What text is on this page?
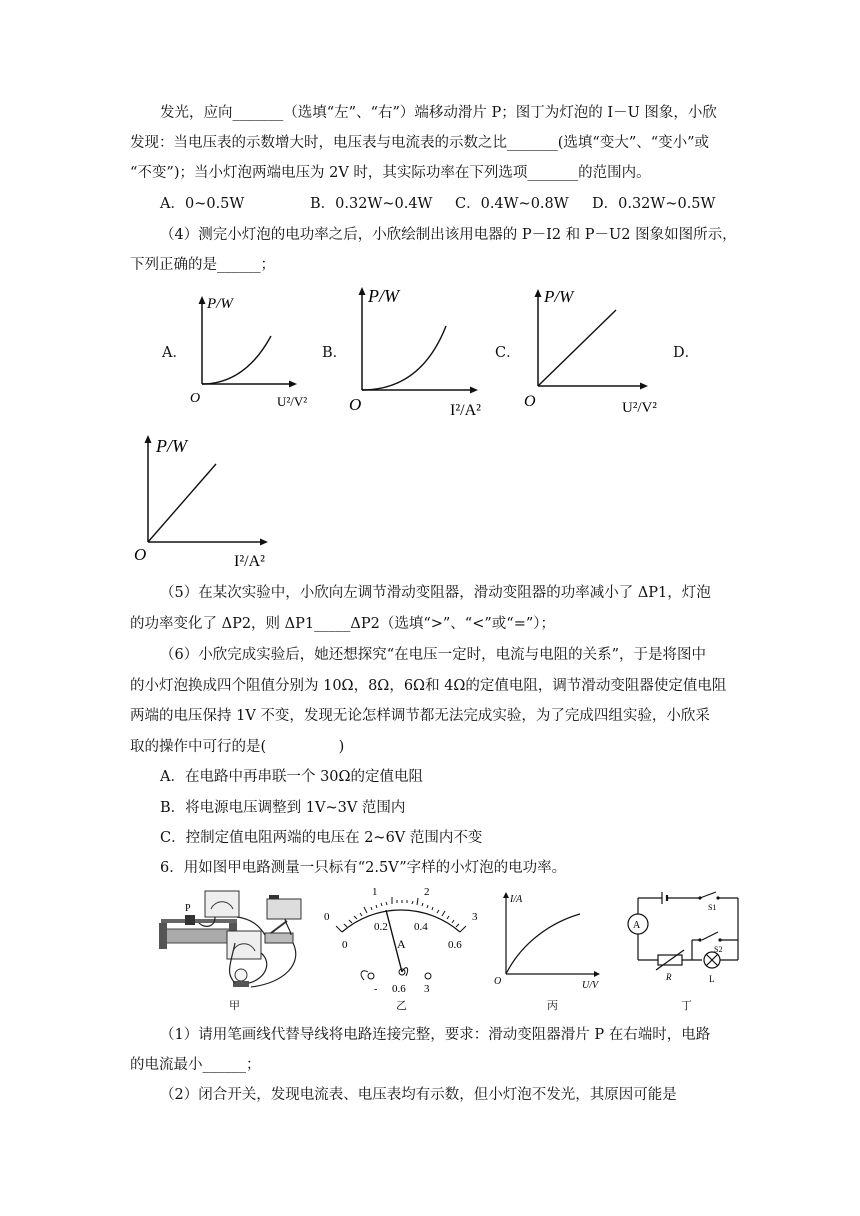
发光，应向_______（选填“左”、“右”）端移动滑片 P；图丁为灯泡的 I－U 图象，小欣
发现：当电压表的示数增大时，电压表与电流表的示数之比_______(选填“变大”、“变小”或
“不变”)；当小灯泡两端电压为 2V 时，其实际功率在下列选项_______的范围内。
A．0~0.5W	B．0.32W~0.4W C．0.4W~0.8W D．0.32W~0.5W
（4）测完小灯泡的电功率之后，小欣绘制出该用电器的 P－I2 和 P－U2 图象如图所示，
下列正确的是______；
A．	B．	C．	D．
P/W
O	U²/V²
P/W
O	I²/A²
P/W
O	U²/V²
P/W
O	I²/A²
（5）在某次实验中，小欣向左调节滑动变阻器，滑动变阻器的功率减小了 ΔP1，灯泡
的功率变化了 ΔP2，则 ΔP1_____ΔP2（选填“>”、“<”或“=”）；
（6）小欣完成实验后，她还想探究“在电压一定时，电流与电阻的关系”，于是将图中
的小灯泡换成四个阻值分别为 10Ω，8Ω，6Ω和 4Ω的定值电阻，调节滑动变阻器使定值电阻
两端的电压保持 1V 不变，发现无论怎样调节都无法完成实验，为了完成四组实验，小欣采
取的操作中可行的是(　　　　　)
A．在电路中再串联一个 30Ω的定值电阻
B．将电源电压调整到 1V~3V 范围内
C．控制定值电阻两端的电压在 2~6V 范围内不变
6．用如图甲电路测量一只标有“2.5V”字样的小灯泡的电功率。
P
甲
0
1	2
3
0
0.2 0.4
0.6
A
- 0.6 3
乙
I/A
O	U/V
丙
S1
S2
A
R	L
丁
（1）请用笔画线代替导线将电路连接完整，要求：滑动变阻器滑片 P 在右端时，电路
的电流最小______；
（2）闭合开关，发现电流表、电压表均有示数，但小灯泡不发光，其原因可能是
